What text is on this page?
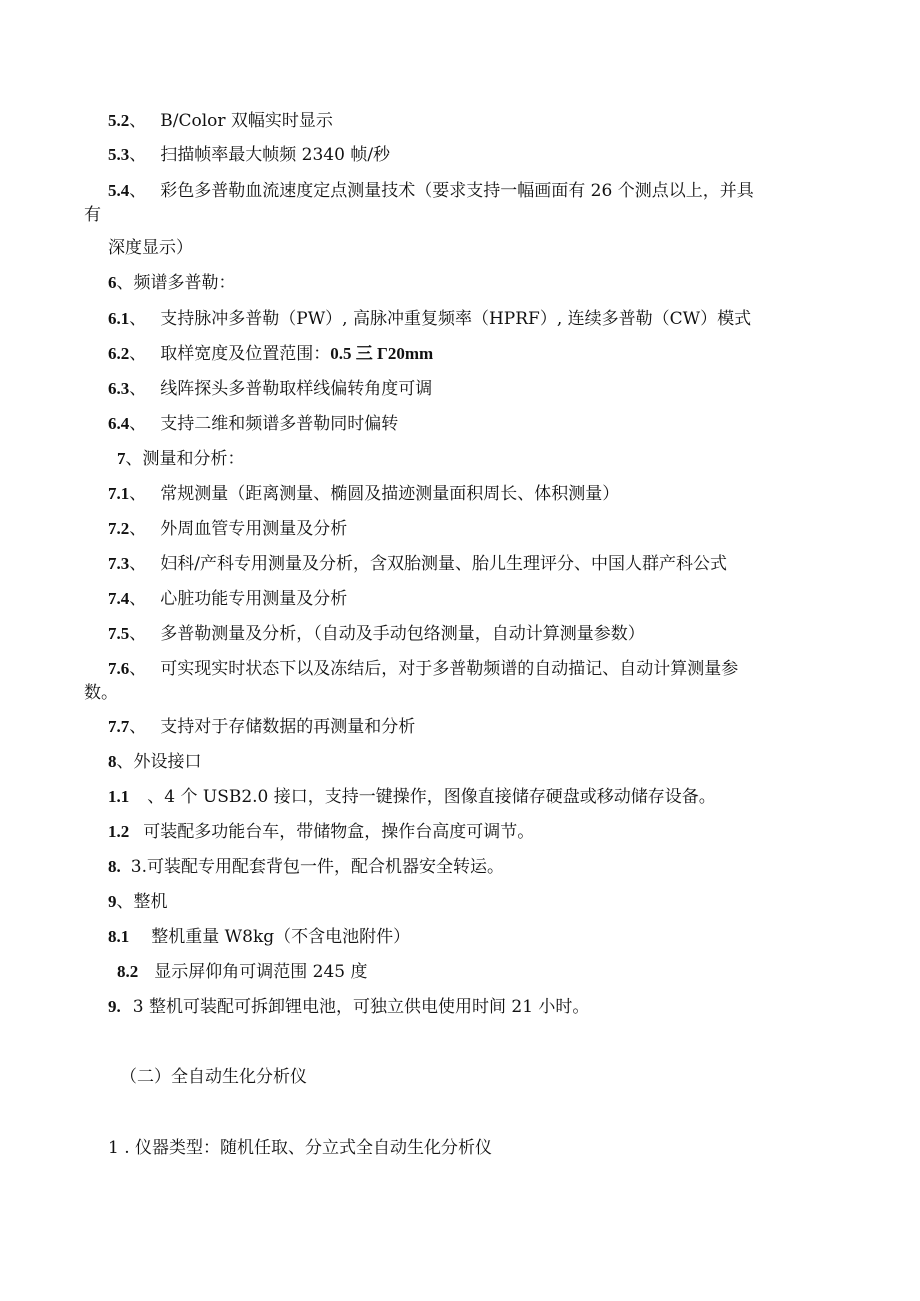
5.2、 B/Color 双幅实时显示
5.3、 扫描帧率最大帧频 2340 帧/秒
5.4、 彩色多普勒血流速度定点测量技术（要求支持一幅画面有 26 个测点以上，并具
有
深度显示）
6、频谱多普勒：
6.1、 支持脉冲多普勒（PW）, 高脉冲重复频率（HPRF）, 连续多普勒（CW）模式
6.2、 取样宽度及位置范围：0.5 三 Γ20mm
6.3、 线阵探头多普勒取样线偏转角度可调
6.4、 支持二维和频谱多普勒同时偏转
7、测量和分析：
7.1、 常规测量（距离测量、椭圆及描迹测量面积周长、体积测量）
7.2、 外周血管专用测量及分析
7.3、 妇科/产科专用测量及分析，含双胎测量、胎儿生理评分、中国人群产科公式
7.4、 心脏功能专用测量及分析
7.5、 多普勒测量及分析，（自动及手动包络测量，自动计算测量参数）
7.6、 可实现实时状态下以及冻结后，对于多普勒频谱的自动描记、自动计算测量参
数。
7.7、 支持对于存储数据的再测量和分析
8、外设接口
1.1 、4 个 USB2.0 接口，支持一键操作，图像直接储存硬盘或移动储存设备。
1.2 可装配多功能台车，带储物盒，操作台高度可调节。
8. 3.可装配专用配套背包一件，配合机器安全转运。
9、整机
8.1 整机重量 W8kg（不含电池附件）
8.2 显示屏仰角可调范围 245 度
9. 3 整机可装配可拆卸锂电池，可独立供电使用时间 21 小时。
（二）全自动生化分析仪
1 . 仪器类型：随机任取、分立式全自动生化分析仪
